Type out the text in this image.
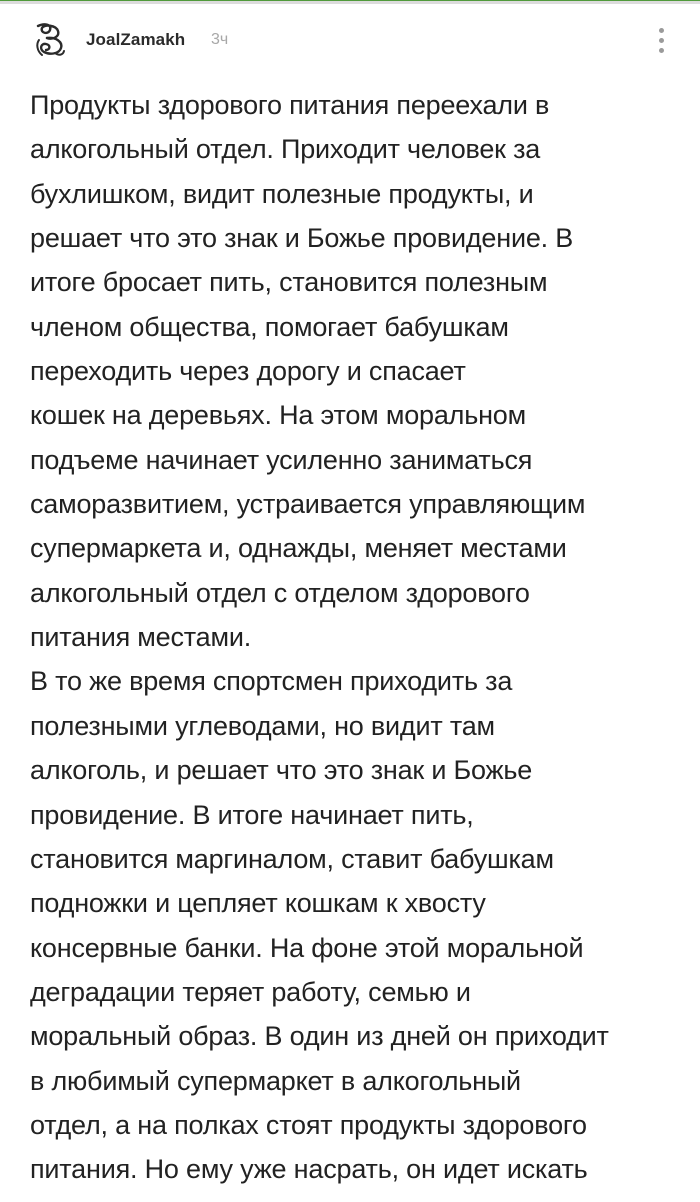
JoalZamakh 3ч

Продукты здорового питания переехали в
алкогольный отдел. Приходит человек за
бухлишком, видит полезные продукты, и
решает что это знак и Божье провидение. В
итоге бросает пить, становится полезным
членом общества, помогает бабушкам
переходить через дорогу и спасает
кошек на деревьях. На этом моральном
подъеме начинает усиленно заниматься
саморазвитием, устраивается управляющим
супермаркета и, однажды, меняет местами
алкогольный отдел с отделом здорового
питания местами.

В то же время спортсмен приходить за
полезными углеводами, но видит там
алкоголь, и решает что это знак и Божье
провидение. В итоге начинает пить,
становится маргиналом, ставит бабушкам
подножки и цепляет кошкам к хвосту
консервные банки. На фоне этой моральной
деградации теряет работу, семью и
моральный образ. В один из дней он приходит
в любимый супермаркет в алкогольный
отдел, а на полках стоят продукты здорового
питания. Но ему уже насрать, он идет искать
